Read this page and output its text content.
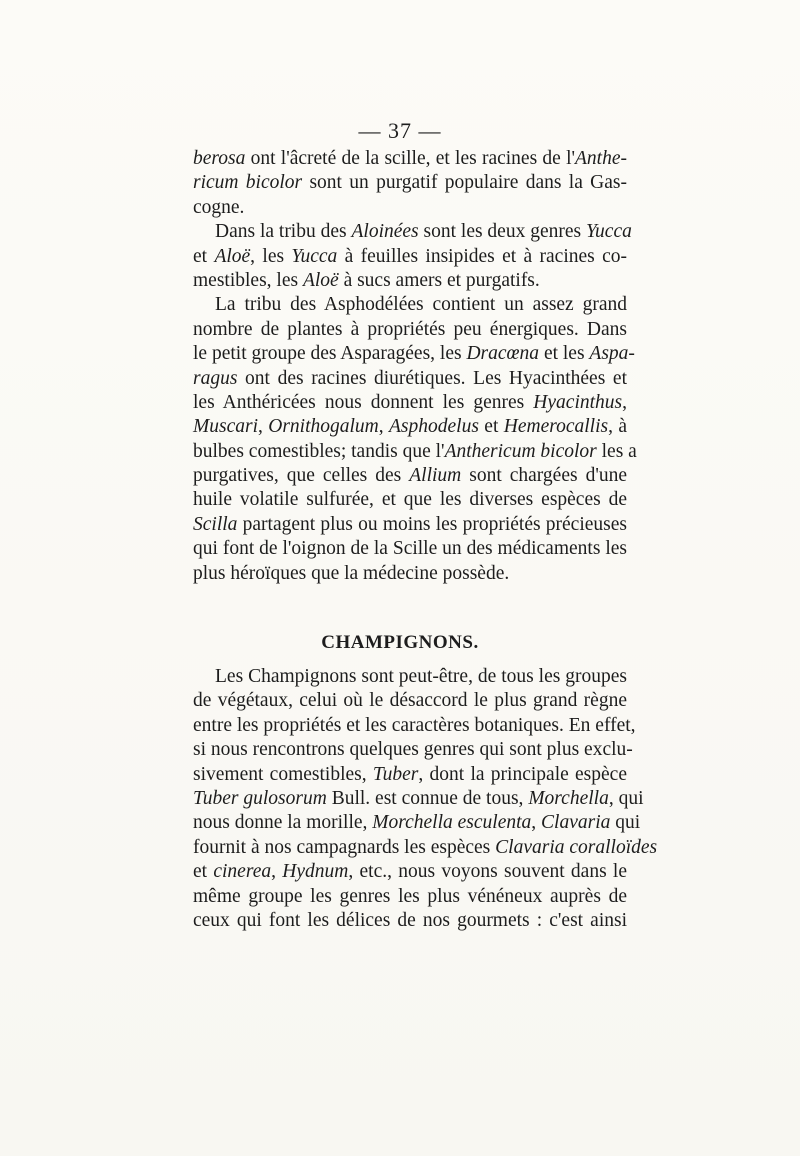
— 37 —
berosa ont l'âcreté de la scille, et les racines de l'Anthe-
ricum bicolor sont un purgatif populaire dans la Gas-
cogne.
Dans la tribu des Aloinées sont les deux genres Yucca
et Aloë, les Yucca à feuilles insipides et à racines co-
mestibles, les Aloë à sucs amers et purgatifs.
La tribu des Asphodélées contient un assez grand
nombre de plantes à propriétés peu énergiques. Dans
le petit groupe des Asparagées, les Dracœna et les Aspa-
ragus ont des racines diurétiques. Les Hyacinthées et
les Anthéricées nous donnent les genres Hyacinthus,
Muscari, Ornithogalum, Asphodelus et Hemerocallis, à
bulbes comestibles; tandis que l'Anthericum bicolor les a
purgatives, que celles des Allium sont chargées d'une
huile volatile sulfurée, et que les diverses espèces de
Scilla partagent plus ou moins les propriétés précieuses
qui font de l'oignon de la Scille un des médicaments les
plus héroïques que la médecine possède.
CHAMPIGNONS.
Les Champignons sont peut-être, de tous les groupes
de végétaux, celui où le désaccord le plus grand règne
entre les propriétés et les caractères botaniques. En effet,
si nous rencontrons quelques genres qui sont plus exclu-
sivement comestibles, Tuber, dont la principale espèce
Tuber gulosorum Bull. est connue de tous, Morchella, qui
nous donne la morille, Morchella esculenta, Clavaria qui
fournit à nos campagnards les espèces Clavaria coralloïdes
et cinerea, Hydnum, etc., nous voyons souvent dans le
même groupe les genres les plus vénéneux auprès de
ceux qui font les délices de nos gourmets : c'est ainsi
